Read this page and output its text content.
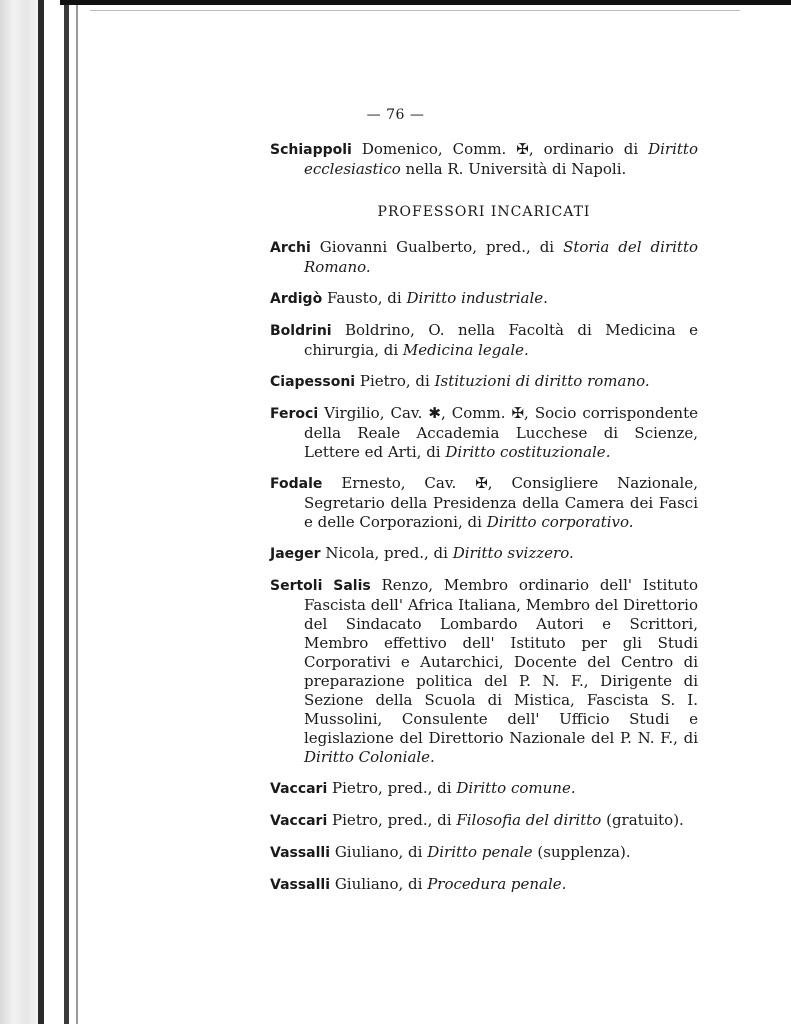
— 76 —

Schiappoli Domenico, Comm. ✠, ordinario di Diritto ecclesiastico nella R. Università di Napoli.

PROFESSORI INCARICATI

Archi Giovanni Gualberto, pred., di Storia del diritto Romano.

Ardigò Fausto, di Diritto industriale.

Boldrini Boldrino, O. nella Facoltà di Medicina e chirurgia, di Medicina legale.

Ciapessoni Pietro, di Istituzioni di diritto romano.

Feroci Virgilio, Cav. ✱, Comm. ✠, Socio corrispondente della Reale Accademia Lucchese di Scienze, Lettere ed Arti, di Diritto costituzionale.

Fodale Ernesto, Cav. ✠, Consigliere Nazionale, Segretario della Presidenza della Camera dei Fasci e delle Corporazioni, di Diritto corporativo.

Jaeger Nicola, pred., di Diritto svizzero.

Sertoli Salis Renzo, Membro ordinario dell' Istituto Fascista dell' Africa Italiana, Membro del Direttorio del Sindacato Lombardo Autori e Scrittori, Membro effettivo dell' Istituto per gli Studi Corporativi e Autarchici, Docente del Centro di preparazione politica del P. N. F., Dirigente di Sezione della Scuola di Mistica, Fascista S. I. Mussolini, Consulente dell' Ufficio Studi e legislazione del Direttorio Nazionale del P. N. F., di Diritto Coloniale.

Vaccari Pietro, pred., di Diritto comune.

Vaccari Pietro, pred., di Filosofia del diritto (gratuito).

Vassalli Giuliano, di Diritto penale (supplenza).

Vassalli Giuliano, di Procedura penale.
